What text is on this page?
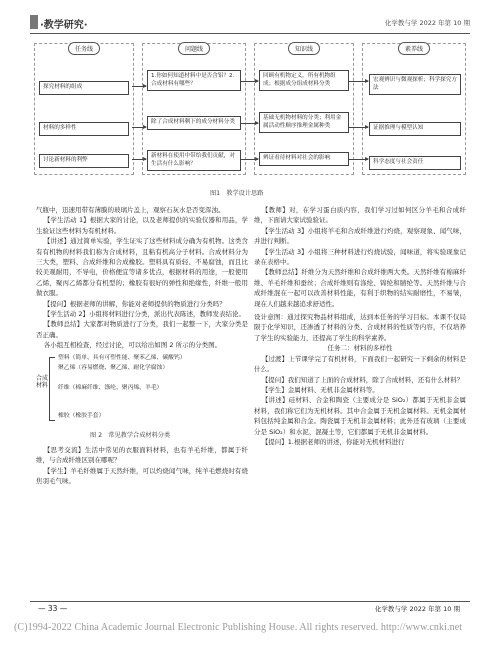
·教学研究·	化学教与学 2022 年第 10 期
任务线
探究材料的组成
材料的多样性
讨论新材料的利弊
问题线
1.你如何知道材料中是否含铝？2.合成材料有哪些？
除了合成材料剩下的成分材料分类
新材料在使用中带给我们贡献，对生活有什么影响？
知识线
回顾有机物定义，所有机物组成；根据成分组成材料分类
基础无机物材料的分类；利用金属活动性顺序推理金属种类
辨证看待材料对社会的影响
素养线
宏观辨识与微观探析；科学探究方法
证据推理与模型认知
科学态度与社会责任
图1　教学设计思路

气瓶中，迅速用带有薄膜的玻璃片盖上，观察石灰水是否变浑浊。

【学生活动 1】根据大家的讨论，以及老师提供的实验仪器和用品，学生验证这些材料为有机材料。

【讲述】通过简单实验，学生证实了这些材料成分确为有机物。这类含有有机物的材料我们称为合成材料，且粘有机高分子材料。合成材料分为三大类，塑料、合成纤维和合成橡胶。塑料具有质轻、不易腐蚀，而且比较美观耐用，不导电，价格便宜等诸多优点，根据材料的用途，一般使用乙烯，聚丙乙烯都分有机型的；橡胶有很好的弹性和绝缘性，纤维一般用做衣服。

【提问】根据老师的讲解，你能对老师提供的物质进行分类吗？

【学生活动 2】小组将材料进行分类，派出代表陈述，教师发表结论。

【教师总结】大家都对物质进行了分类，我们一起整一下，大家分类是否正确。

各小组互相检查，经过讨论，可以给出如图 2 所示的分类图。

合成材料
塑料（简单、具有可塑性能、聚苯乙烯、碳酸钙）
聚乙烯（容易燃烧、聚乙烯、耐化学腐蚀）
纤维（棉麻纤维、涤纶、聚丙烯、羊毛）
橡胶（橡胶手套）
图 2　常见教学合成材料分类

【思考交流】生活中常见的衣服面料材料，也有羊毛纤维，都属于纤维，与合成纤维区别在哪呢？

【学生】羊毛纤维属于天然纤维，可以灼烧闻气味，纯羊毛燃烧时有烧焦羽毛气味。

【教师】对，在学习蛋白质内容，我们学习过如何区分羊毛和合成纤维，下面请大家试验验证。

【学生活动 3】小组将羊毛和合成纤维进行灼烧，观察现象、闻气味，并进行判断。

【学生活动 3】小组将三种材料进行灼烧试验，闻味道，将实验现象记录在表格中。

【教师总结】纤维分为天然纤维和合成纤维两大类。天然纤维有棉麻纤维、羊毛纤维和蚕丝；合成纤维则有涤纶、锦纶和腈纶等。天然纤维与合成纤维混在一起可以改善材料性能，有利于织物的结实耐磨性，不易皱，现在人们越来越追求舒适性。

设计意图：通过探究物品材料组成，达到本任务的学习目标。本课不仅局限于化学知识，还渗透了材料的分类、合成材料的性质等内容，不仅培养了学生的实验能力，还提高了学生的科学素养。

任务二：材料的多样性

【过渡】上节课学完了有机材料，下面我们一起研究一下剩余的材料是什么。

【提问】我们知道了上面的合成材料，除了合成材料，还有什么材料？

【学生】金属材料、无机非金属材料等。

【讲述】硅材料、合金和陶瓷（主要成分是 SiO₂）都属于无机非金属材料，我们称它们为无机材料。其中合金属于无机金属材料。无机金属材料包括纯金属和合金。陶瓷属于无机非金属材料；此外还有玻璃（主要成分是 SiO₂）和水泥、混凝土等，它们都属于无机非金属材料。

【提问】1.根据老师的讲述，你能对无机材料进行

— 33 —	化学教与学 2022 年第 10 期
(C)1994-2022 China Academic Journal Electronic Publishing House. All rights reserved. http://www.cnki.net
